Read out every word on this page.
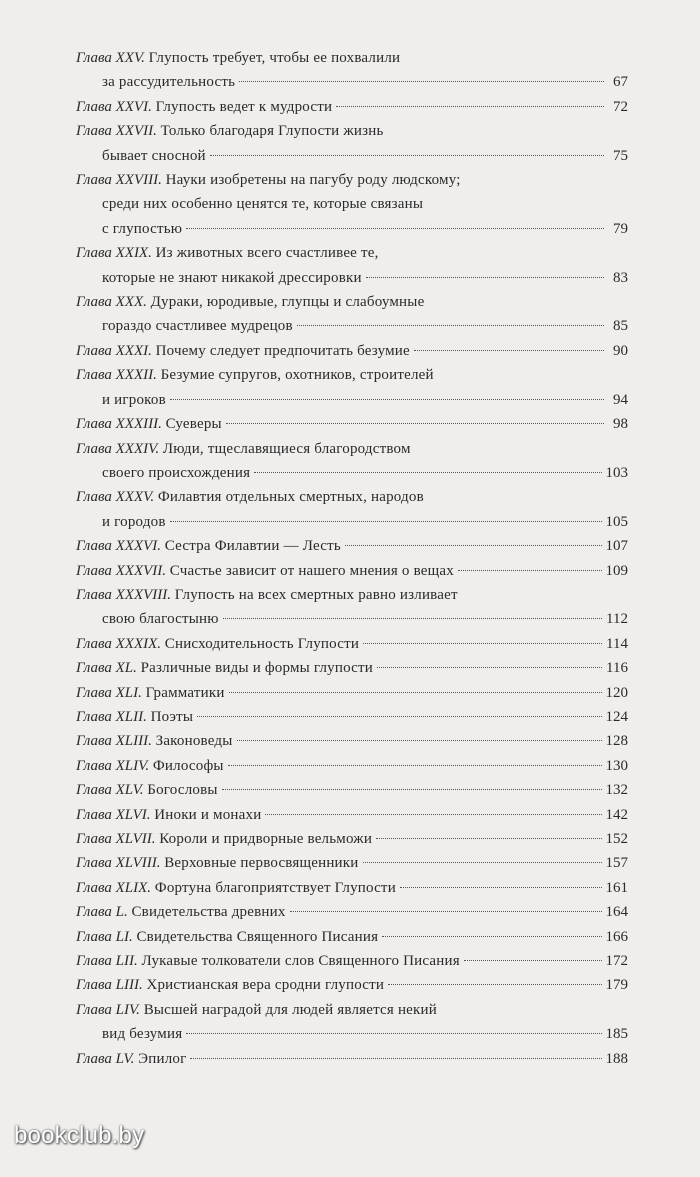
Глава XXV.
Глупость требует, чтобы ее похвалили
за рассудительность	67
Глава XXVI.
Глупость ведет к мудрости	72
Глава XXVII.
Только благодаря Глупости жизнь
бывает сносной	75
Глава XXVIII.
Науки изобретены на пагубу роду людскому;
среди них особенно ценятся те, которые связаны
с глупостью	79
Глава XXIX.
Из животных всего счастливее те,
которые не знают никакой дрессировки	83
Глава XXX.
Дураки, юродивые, глупцы и слабоумные
гораздо счастливее мудрецов	85
Глава XXXI.
Почему следует предпочитать безумие	90
Глава XXXII.
Безумие супругов, охотников, строителей
и игроков	94
Глава XXXIII.
Суеверы	98
Глава XXXIV.
Люди, тщеславящиеся благородством
своего происхождения	103
Глава XXXV.
Филавтия отдельных смертных, народов
и городов	105
Глава XXXVI.
Сестра Филавтии — Лесть	107
Глава XXXVII.
Счастье зависит от нашего мнения о вещах	109
Глава XXXVIII.
Глупость на всех смертных равно изливает
свою благостыню	112
Глава XXXIX.
Снисходительность Глупости	114
Глава XL.
Различные виды и формы глупости	116
Глава XLI.
Грамматики	120
Глава XLII.
Поэты	124
Глава XLIII.
Законоведы	128
Глава XLIV.
Философы	130
Глава XLV.
Богословы	132
Глава XLVI.
Иноки и монахи	142
Глава XLVII.
Короли и придворные вельможи	152
Глава XLVIII.
Верховные первосвященники	157
Глава XLIX.
Фортуна благоприятствует Глупости	161
Глава L.
Свидетельства древних	164
Глава LI.
Свидетельства Священного Писания	166
Глава LII.
Лукавые толкователи слов Священного Писания	172
Глава LIII.
Христианская вера сродни глупости	179
Глава LIV.
Высшей наградой для людей является некий
вид безумия	185
Глава LV.
Эпилог	188
bookclub.by
